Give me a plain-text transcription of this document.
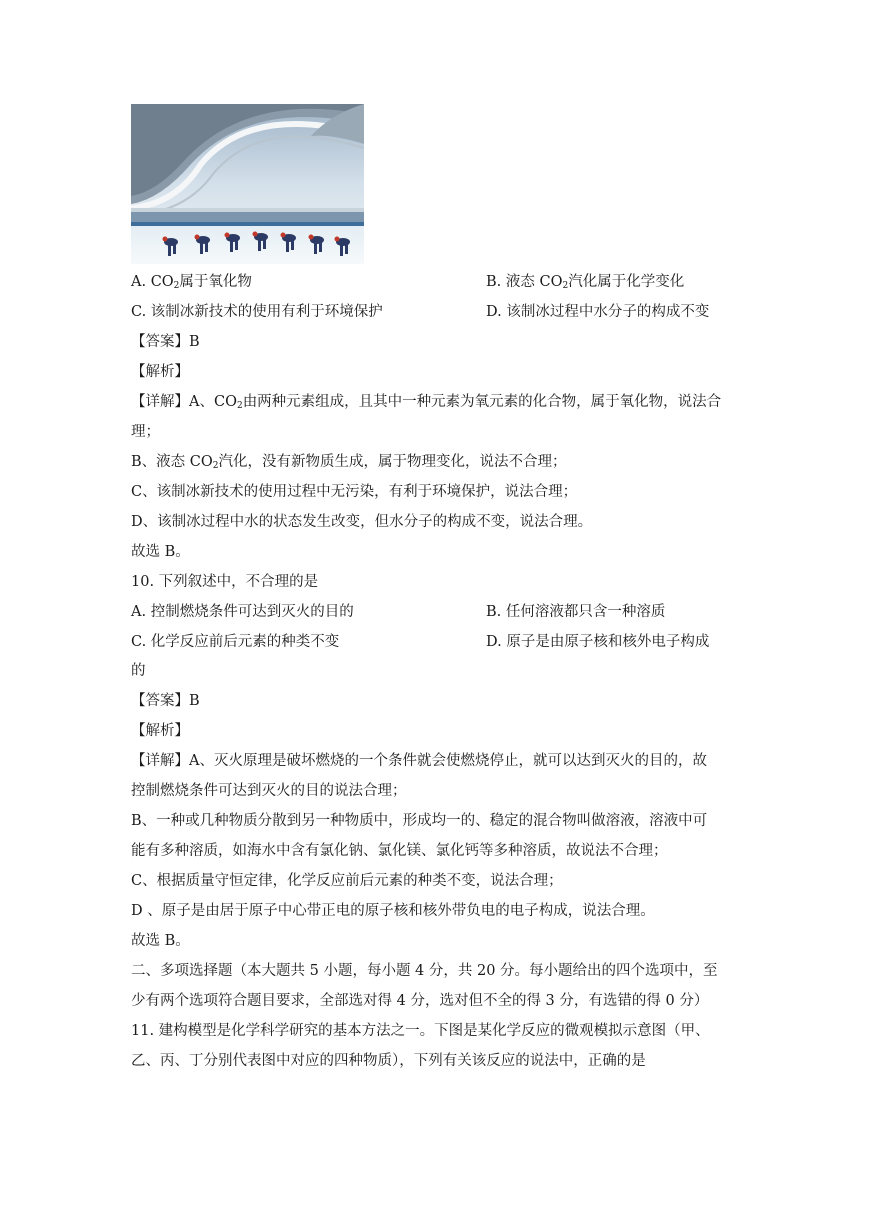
A. $CO_2$属于氧化物	B. 液态 $CO_2$汽化属于化学变化
C. 该制冰新技术的使用有利于环境保护	D. 该制冰过程中水分子的构成不变
【答案】B
【解析】
【详解】A、$CO_2$由两种元素组成，且其中一种元素为氧元素的化合物，属于氧化物，说法合
理；
B、液态 $CO_2$汽化，没有新物质生成，属于物理变化，说法不合理；
C、该制冰新技术的使用过程中无污染，有利于环境保护，说法合理；
D、该制冰过程中水的状态发生改变，但水分子的构成不变，说法合理。
故选 B。
10. 下列叙述中，不合理的是
A. 控制燃烧条件可达到灭火的目的	B. 任何溶液都只含一种溶质
C. 化学反应前后元素的种类不变	D. 原子是由原子核和核外电子构成
的
【答案】B
【解析】
【详解】A、灭火原理是破坏燃烧的一个条件就会使燃烧停止，就可以达到灭火的目的，故
控制燃烧条件可达到灭火的目的说法合理；
B、一种或几种物质分散到另一种物质中，形成均一的、稳定的混合物叫做溶液，溶液中可
能有多种溶质，如海水中含有氯化钠、氯化镁、氯化钙等多种溶质，故说法不合理；
C、根据质量守恒定律，化学反应前后元素的种类不变，说法合理；
D 、原子是由居于原子中心带正电的原子核和核外带负电的电子构成，说法合理。
故选 B。
二、多项选择题（本大题共 5 小题，每小题 4 分，共 20 分。每小题给出的四个选项中，至
少有两个选项符合题目要求，全部选对得 4 分，选对但不全的得 3 分，有选错的得 0 分）
11. 建构模型是化学科学研究的基本方法之一。下图是某化学反应的微观模拟示意图（甲、
乙、丙、丁分别代表图中对应的四种物质），下列有关该反应的说法中，正确的是
